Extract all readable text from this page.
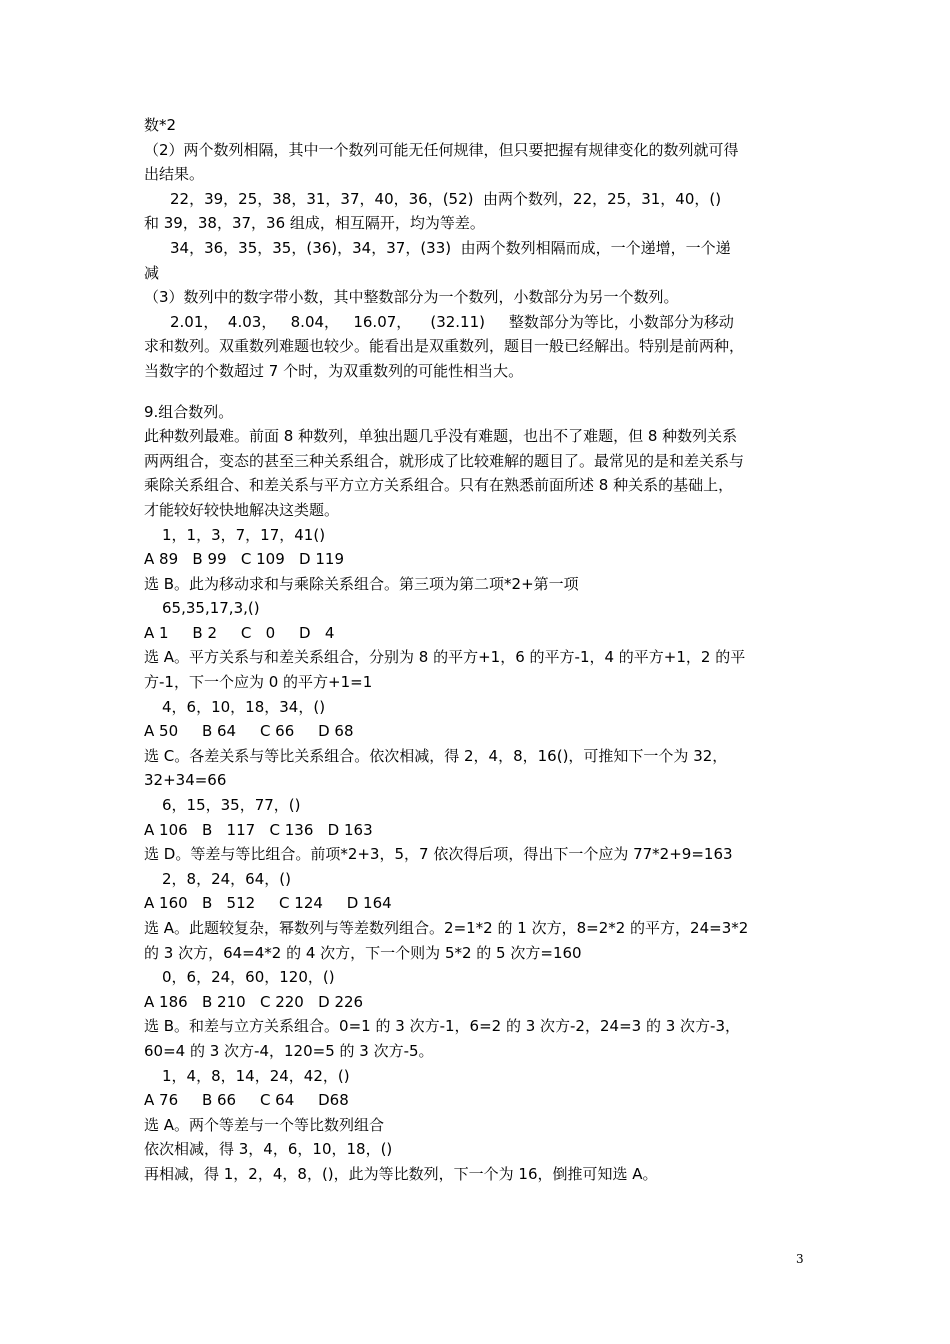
数*2
（2）两个数列相隔，其中一个数列可能无任何规律，但只要把握有规律变化的数列就可得
出结果。
22，39，25，38，31，37，40，36，(52)  由两个数列，22，25，31，40，()
和 39，38，37，36 组成，相互隔开，均为等差。
34，36，35，35，(36)，34，37，(33)  由两个数列相隔而成，一个递增，一个递
减
（3）数列中的数字带小数，其中整数部分为一个数列，小数部分为另一个数列。
2.01，  4.03，   8.04，   16.07，    (32.11)     整数部分为等比，小数部分为移动
求和数列。双重数列难题也较少。能看出是双重数列，题目一般已经解出。特别是前两种，
当数字的个数超过 7 个时，为双重数列的可能性相当大。
9.组合数列。
此种数列最难。前面 8 种数列，单独出题几乎没有难题，也出不了难题，但 8 种数列关系
两两组合，变态的甚至三种关系组合，就形成了比较难解的题目了。最常见的是和差关系与
乘除关系组合、和差关系与平方立方关系组合。只有在熟悉前面所述 8 种关系的基础上，
才能较好较快地解决这类题。
1，1，3，7，17，41()
A 89   B 99   C 109   D 119
选 B。此为移动求和与乘除关系组合。第三项为第二项*2+第一项
65,35,17,3,()
A 1     B 2     C   0     D   4
选 A。平方关系与和差关系组合，分别为 8 的平方+1，6 的平方-1，4 的平方+1，2 的平
方-1，下一个应为 0 的平方+1=1
4，6，10，18，34，()
A 50     B 64     C 66     D 68
选 C。各差关系与等比关系组合。依次相减，得 2，4，8，16()，可推知下一个为 32，
32+34=66
6，15，35，77，()
A 106   B   117   C 136   D 163
选 D。等差与等比组合。前项*2+3，5，7 依次得后项，得出下一个应为 77*2+9=163
2，8，24，64，()
A 160   B   512     C 124     D 164
选 A。此题较复杂，幂数列与等差数列组合。2=1*2 的 1 次方，8=2*2 的平方，24=3*2
的 3 次方，64=4*2 的 4 次方，下一个则为 5*2 的 5 次方=160
0，6，24，60，120，()
A 186   B 210   C 220   D 226
选 B。和差与立方关系组合。0=1 的 3 次方-1，6=2 的 3 次方-2，24=3 的 3 次方-3，
60=4 的 3 次方-4，120=5 的 3 次方-5。
1，4，8，14，24，42，()
A 76     B 66     C 64     D68
选 A。两个等差与一个等比数列组合
依次相减，得 3，4，6，10，18，()
再相减，得 1，2，4，8，()，此为等比数列，下一个为 16，倒推可知选 A。
3
